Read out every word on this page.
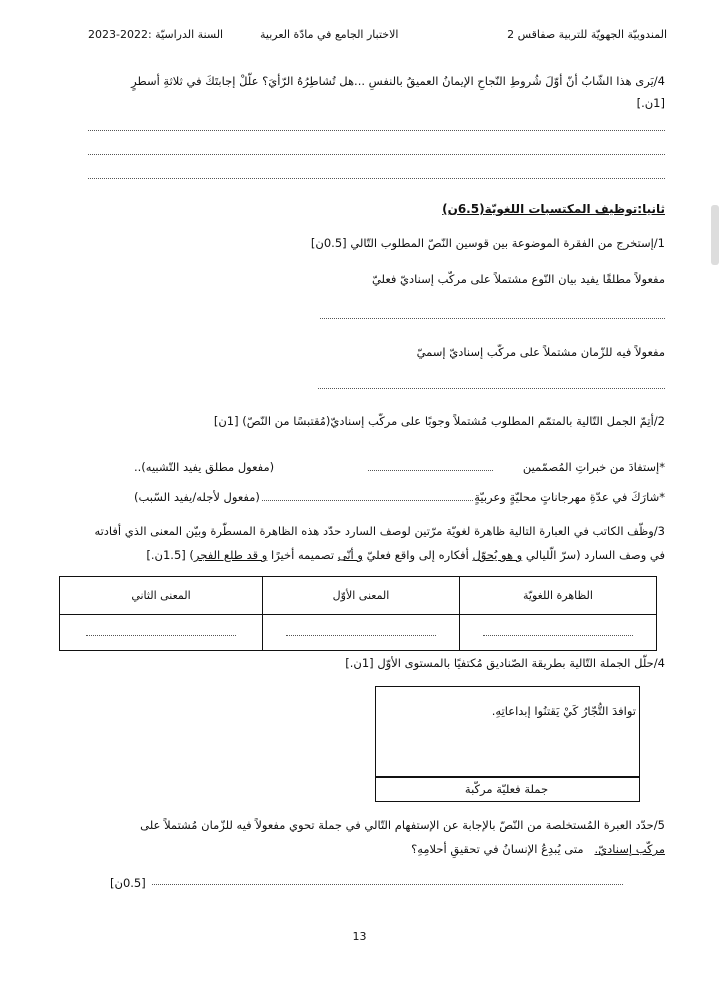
المندوبيّة الجهويّة للتربية صفاقس 2
الاختبار الجامع في مادّة العربية
السنة الدراسيّة :2022-2023
4/يَرى هذا الشّابُ أنّ أوّلَ شُروطِ النّجاحِ الإيمانُ العميقُ بالنفسِ ...هل تُشاطِرُهُ الرّأيَ؟ علّلْ إجابتَكَ في ثلاثةِ أسطرٍ
[1ن.]
ثانيا:توظيف المكتسبات اللغويّة(6.5ن)
1/إستخرج من الفقرة الموضوعة بين قوسين النّصّ المطلوب التّالي [0.5ن]
مفعولاً مطلقًا يفيد بيان النّوع مشتملاً على مركّب إسناديّ فعليّ
مفعولاً فيه للزّمان مشتملاً على مركّب إسناديّ إسميّ
2/أتِمّ الجمل التّالية بالمتمّم المطلوب مُشتملاً وجوبًا على مركّب إسناديّ(مُقتبسًا من النّصّ) [1ن]
*إستفادَ من خبراتِ المُصمّمين
(مفعول مطلق يفيد التّشبيه)..
*شارَكَ في عدّةِ مهرجاناتٍ محليّةٍ وعربيّةٍ
(مفعول لأجله/يفيد السّبب)
3/وظّف الكاتب في العبارة التالية ظاهرة لغويّة مرّتين لوصف السارد حدّد هذه الظاهرة المسطّرة وبيّن المعنى الذي أفادته
في وصف السارد (سرّ الّليالي و هو يُحوّل أفكاره إلى واقع فعليّ و أنّى تصميمه أخيرًا و قد طلع الفجر) [1.5ن.]
الظاهرة اللغويّة	المعنى الأوّل	المعنى الثاني

4/حلّل الجملة التّالية بطريقة الصّناديق مُكتفيًا بالمستوى الأوّل [1ن.]
توافدَ التُّجّارُ كَيْ يَقتنُوا إبداعاتِهِ.
جملة فعليّة مركّبة
5/حدّد العبرة المُستخلصة من النّصّ بالإجابة عن الإستفهام التّالي في جملة تحوي مفعولاً فيه للزّمان مُشتملاً على
مركّب إسناديّ.   متى يُبدِعُ الإنسانُ في تحقيقِ أحلامِهِ؟
[0.5ن]
13
